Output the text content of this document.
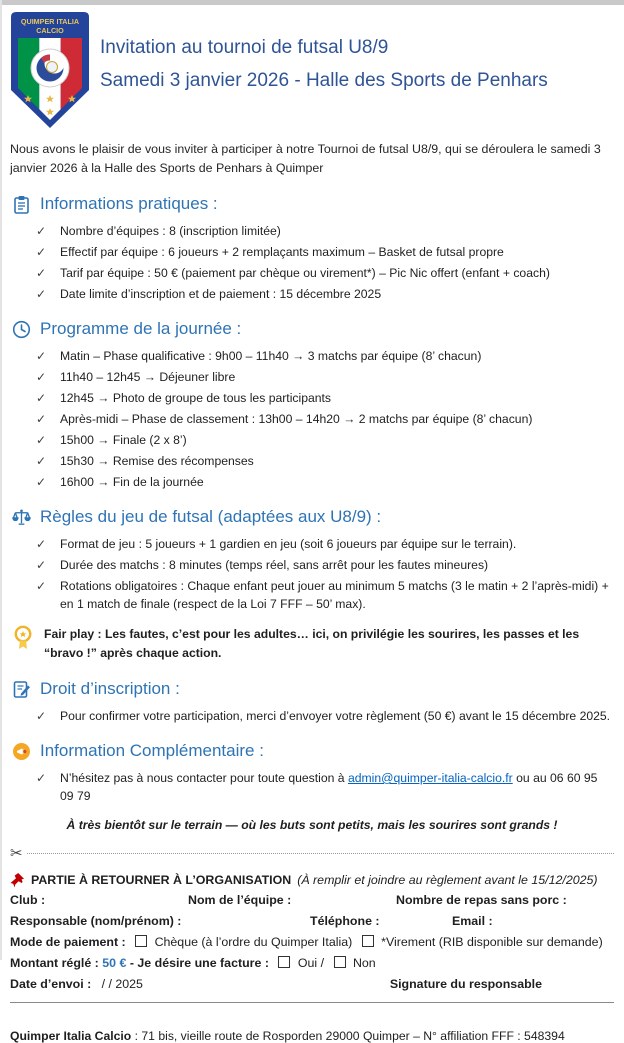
QUIMPER ITALIA
CALCIO
Invitation au tournoi de futsal U8/9
Samedi 3 janvier 2026 - Halle des Sports de Penhars

Nous avons le plaisir de vous inviter à participer à notre Tournoi de futsal U8/9, qui se déroulera le samedi 3 janvier 2026 à la Halle des Sports de Penhars à Quimper

Informations pratiques :
✓	Nombre d’équipes : 8 (inscription limitée)
✓	Effectif par équipe : 6 joueurs + 2 remplaçants maximum – Basket de futsal propre
✓	Tarif par équipe : 50 € (paiement par chèque ou virement*) – Pic Nic offert (enfant + coach)
✓	Date limite d’inscription et de paiement : 15 décembre 2025
Programme de la journée :
✓	Matin – Phase qualificative : 9h00 – 11h40 → 3 matchs par équipe (8’ chacun)
✓	11h40 – 12h45 → Déjeuner libre
✓	12h45 → Photo de groupe de tous les participants
✓	Après-midi – Phase de classement : 13h00 – 14h20 → 2 matchs par équipe (8’ chacun)
✓	15h00 → Finale (2 x 8’)
✓	15h30 → Remise des récompenses
✓	16h00 → Fin de la journée
Règles du jeu de futsal (adaptées aux U8/9) :
✓	Format de jeu : 5 joueurs + 1 gardien en jeu (soit 6 joueurs par équipe sur le terrain).
✓	Durée des matchs : 8 minutes (temps réel, sans arrêt pour les fautes mineures)
✓	Rotations obligatoires : Chaque enfant peut jouer au minimum 5 matchs (3 le matin + 2 l’après-midi) + en 1 match de finale (respect de la Loi 7 FFF – 50’ max).
Fair play : Les fautes, c’est pour les adultes… ici, on privilégie les sourires, les passes et les “bravo !” après chaque action.
Droit d’inscription :
✓	Pour confirmer votre participation, merci d’envoyer votre règlement (50 €) avant le 15 décembre 2025.
Information Complémentaire :
✓	N’hésitez pas à nous contacter pour toute question à admin@quimper-italia-calcio.fr ou au 06 60 95 09 79
À très bientôt sur le terrain — où les buts sont petits, mais les sourires sont grands !
✂
PARTIE À RETOURNER À L’ORGANISATION (À remplir et joindre au règlement avant le 15/12/2025)
Club :	Nom de l’équipe :	Nombre de repas sans porc :
Responsable (nom/prénom) :	Téléphone :	Email :
Mode de paiement : Chèque (à l’ordre du Quimper Italia) *Virement (RIB disponible sur demande)
Montant réglé : 50 € - Je désire une facture : Oui / Non
Date d’envoi : / / 2025	Signature du responsable
Quimper Italia Calcio : 71 bis, vieille route de Rosporden 29000 Quimper – N° affiliation FFF : 548394
